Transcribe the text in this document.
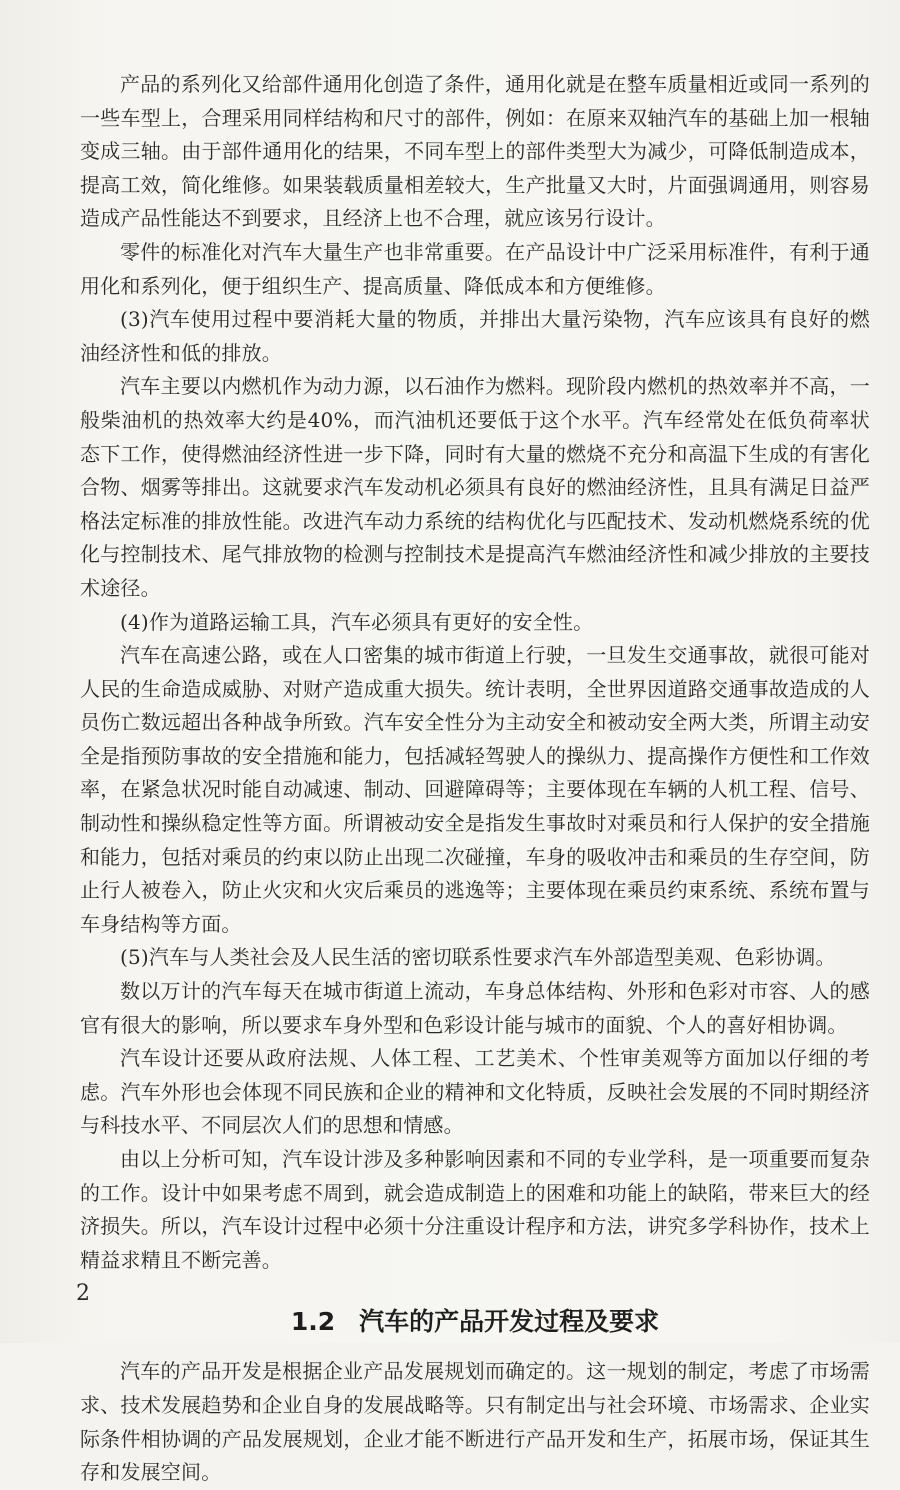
产品的系列化又给部件通用化创造了条件，通用化就是在整车质量相近或同一系列的一些车型上，合理采用同样结构和尺寸的部件，例如：在原来双轴汽车的基础上加一根轴变成三轴。由于部件通用化的结果，不同车型上的部件类型大为减少，可降低制造成本，提高工效，简化维修。如果装载质量相差较大，生产批量又大时，片面强调通用，则容易造成产品性能达不到要求，且经济上也不合理，就应该另行设计。

零件的标准化对汽车大量生产也非常重要。在产品设计中广泛采用标准件，有利于通用化和系列化，便于组织生产、提高质量、降低成本和方便维修。

(3)汽车使用过程中要消耗大量的物质，并排出大量污染物，汽车应该具有良好的燃油经济性和低的排放。

汽车主要以内燃机作为动力源，以石油作为燃料。现阶段内燃机的热效率并不高，一般柴油机的热效率大约是40%，而汽油机还要低于这个水平。汽车经常处在低负荷率状态下工作，使得燃油经济性进一步下降，同时有大量的燃烧不充分和高温下生成的有害化合物、烟雾等排出。这就要求汽车发动机必须具有良好的燃油经济性，且具有满足日益严格法定标准的排放性能。改进汽车动力系统的结构优化与匹配技术、发动机燃烧系统的优化与控制技术、尾气排放物的检测与控制技术是提高汽车燃油经济性和减少排放的主要技术途径。

(4)作为道路运输工具，汽车必须具有更好的安全性。

汽车在高速公路，或在人口密集的城市街道上行驶，一旦发生交通事故，就很可能对人民的生命造成威胁、对财产造成重大损失。统计表明，全世界因道路交通事故造成的人员伤亡数远超出各种战争所致。汽车安全性分为主动安全和被动安全两大类，所谓主动安全是指预防事故的安全措施和能力，包括减轻驾驶人的操纵力、提高操作方便性和工作效率，在紧急状况时能自动减速、制动、回避障碍等；主要体现在车辆的人机工程、信号、制动性和操纵稳定性等方面。所谓被动安全是指发生事故时对乘员和行人保护的安全措施和能力，包括对乘员的约束以防止出现二次碰撞，车身的吸收冲击和乘员的生存空间，防止行人被卷入，防止火灾和火灾后乘员的逃逸等；主要体现在乘员约束系统、系统布置与车身结构等方面。

(5)汽车与人类社会及人民生活的密切联系性要求汽车外部造型美观、色彩协调。

数以万计的汽车每天在城市街道上流动，车身总体结构、外形和色彩对市容、人的感官有很大的影响，所以要求车身外型和色彩设计能与城市的面貌、个人的喜好相协调。

汽车设计还要从政府法规、人体工程、工艺美术、个性审美观等方面加以仔细的考虑。汽车外形也会体现不同民族和企业的精神和文化特质，反映社会发展的不同时期经济与科技水平、不同层次人们的思想和情感。

由以上分析可知，汽车设计涉及多种影响因素和不同的专业学科，是一项重要而复杂的工作。设计中如果考虑不周到，就会造成制造上的困难和功能上的缺陷，带来巨大的经济损失。所以，汽车设计过程中必须十分注重设计程序和方法，讲究多学科协作，技术上精益求精且不断完善。

1.2 汽车的产品开发过程及要求

汽车的产品开发是根据企业产品发展规划而确定的。这一规划的制定，考虑了市场需求、技术发展趋势和企业自身的发展战略等。只有制定出与社会环境、市场需求、企业实际条件相协调的产品发展规划，企业才能不断进行产品开发和生产，拓展市场，保证其生存和发展空间。

2
